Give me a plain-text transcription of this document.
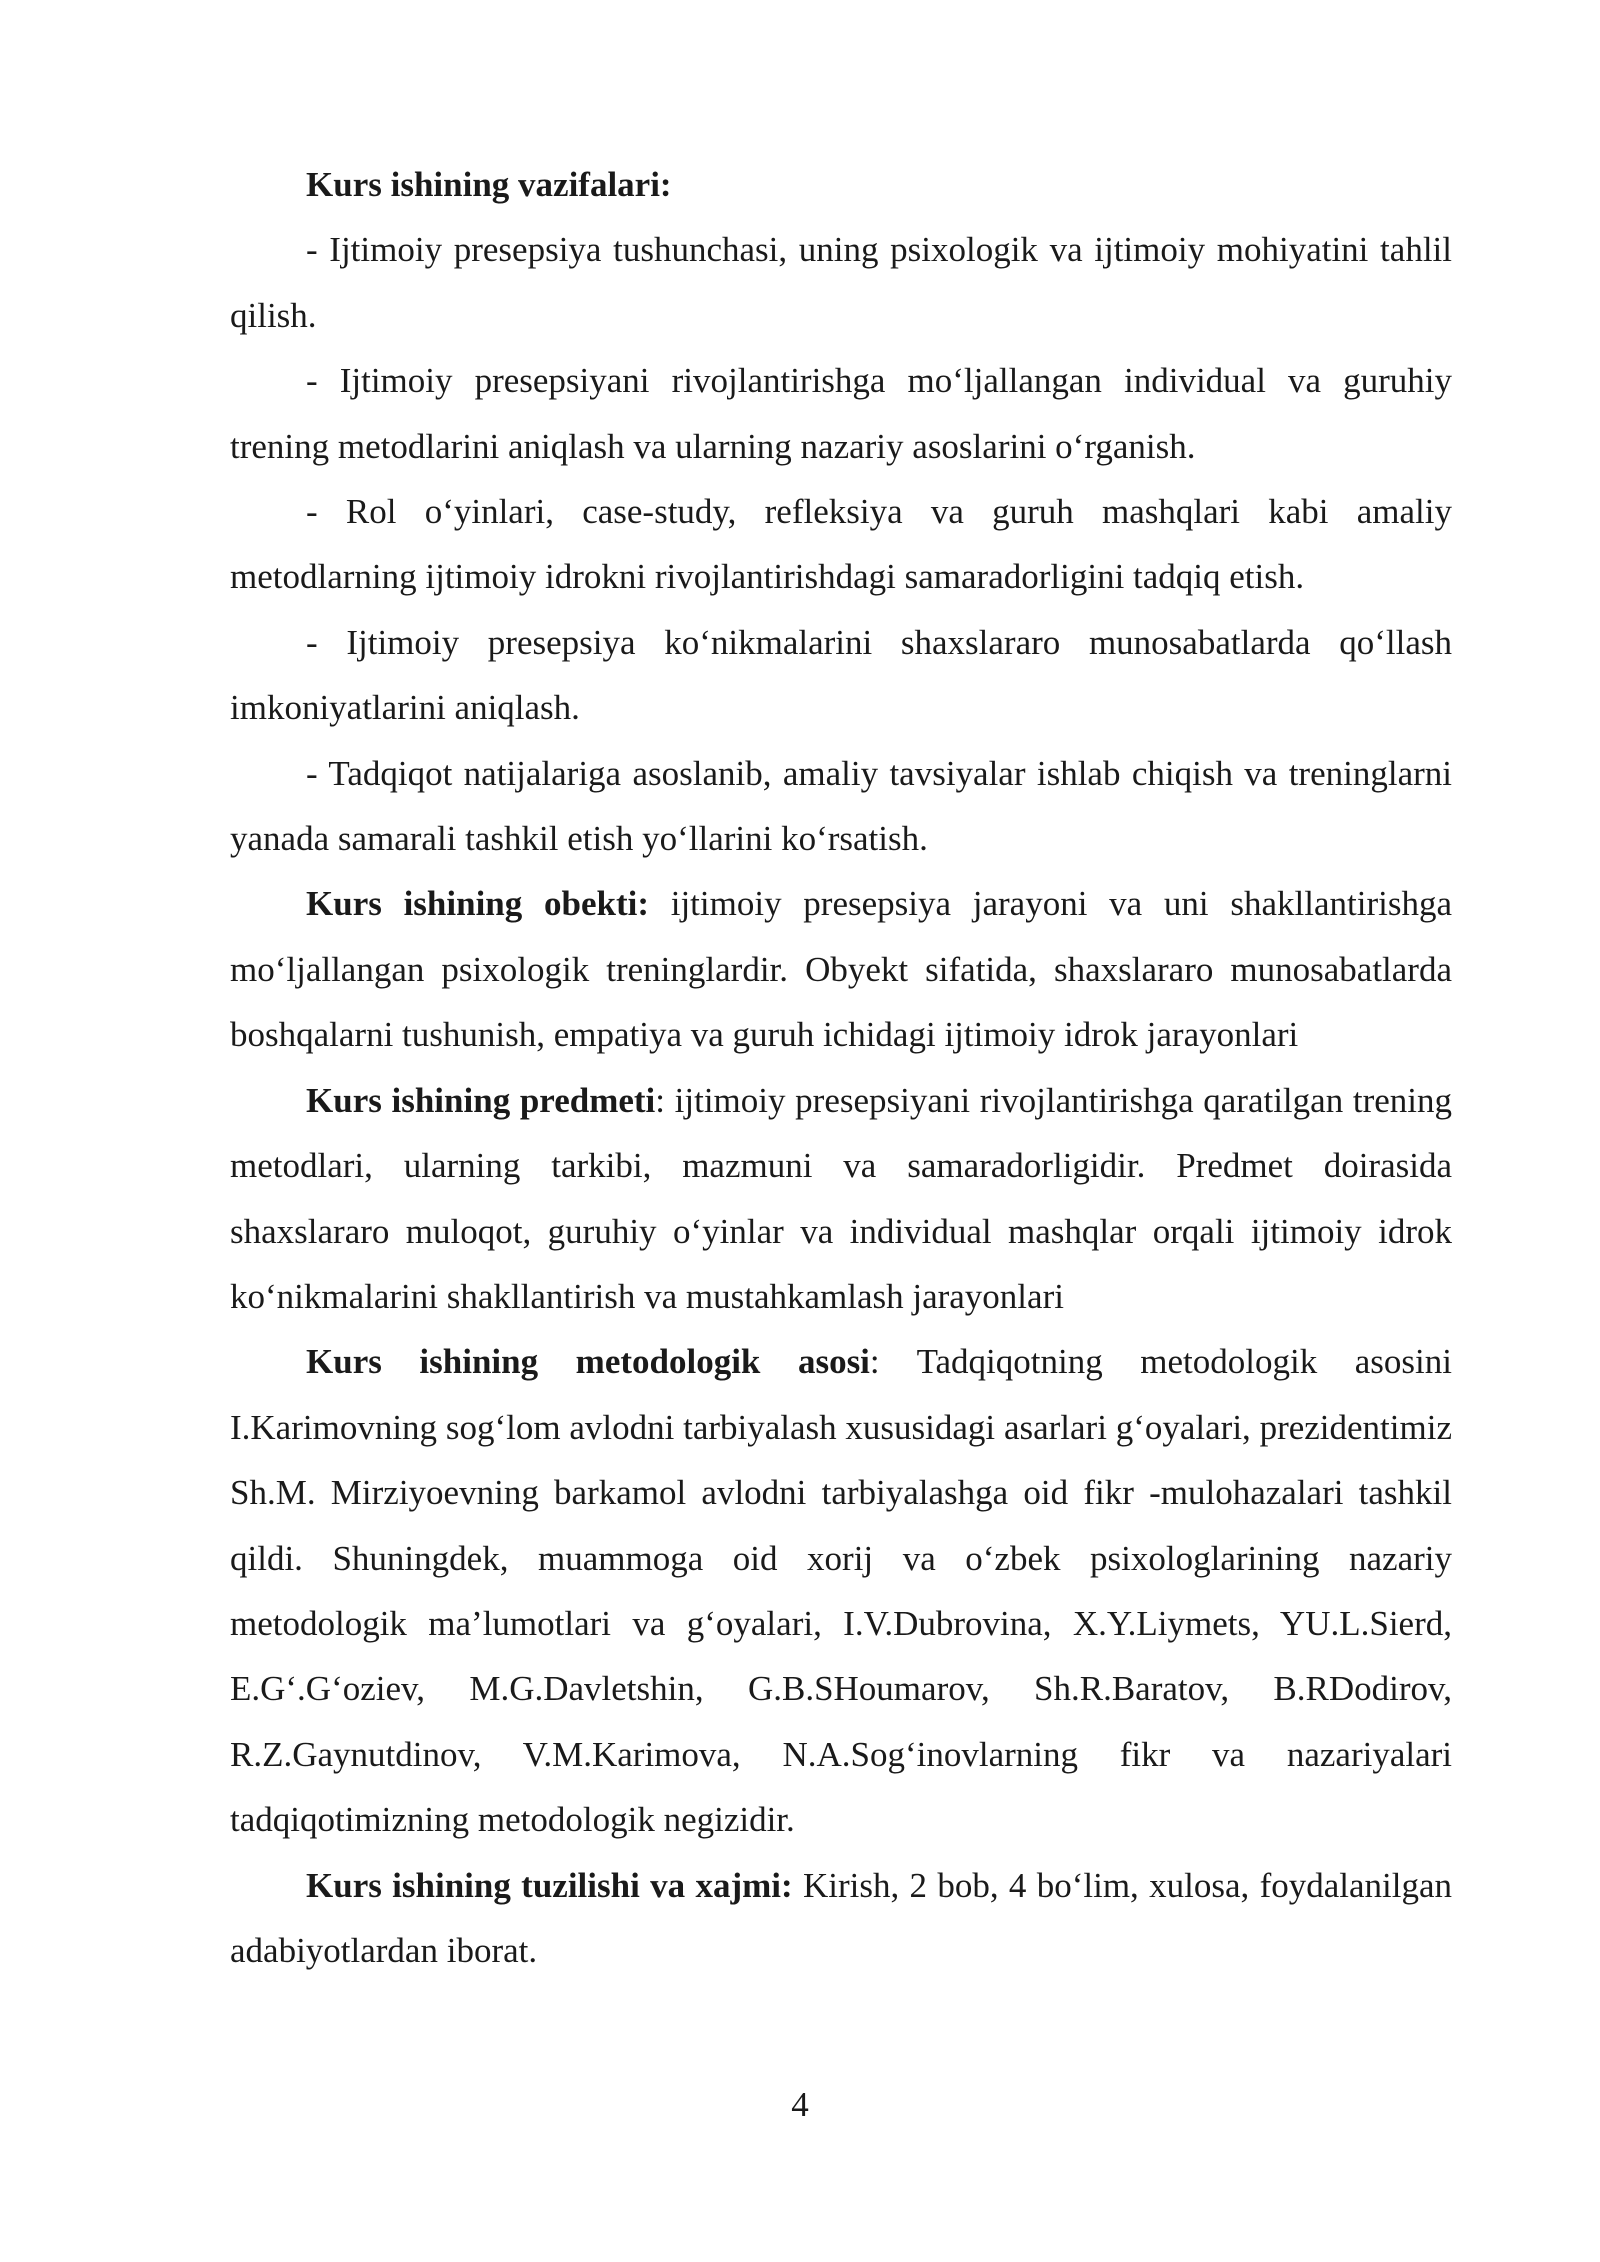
Kurs ishining vazifalari:

- Ijtimoiy presepsiya tushunchasi, uning psixologik va ijtimoiy mohiyatini tahlil qilish.

- Ijtimoiy presepsiyani rivojlantirishga mo‘ljallangan individual va guruhiy trening metodlarini aniqlash va ularning nazariy asoslarini o‘rganish.

- Rol o‘yinlari, case-study, refleksiya va guruh mashqlari kabi amaliy metodlarning ijtimoiy idrokni rivojlantirishdagi samaradorligini tadqiq etish.

- Ijtimoiy presepsiya ko‘nikmalarini shaxslararo munosabatlarda qo‘llash imkoniyatlarini aniqlash.

- Tadqiqot natijalariga asoslanib, amaliy tavsiyalar ishlab chiqish va treninglarni yanada samarali tashkil etish yo‘llarini ko‘rsatish.

Kurs ishining obekti: ijtimoiy presepsiya jarayoni va uni shakllantirishga mo‘ljallangan psixologik treninglardir. Obyekt sifatida, shaxslararo munosabatlarda boshqalarni tushunish, empatiya va guruh ichidagi ijtimoiy idrok jarayonlari

Kurs ishining predmeti: ijtimoiy presepsiyani rivojlantirishga qaratilgan trening metodlari, ularning tarkibi, mazmuni va samaradorligidir. Predmet doirasida shaxslararo muloqot, guruhiy o‘yinlar va individual mashqlar orqali ijtimoiy idrok ko‘nikmalarini shakllantirish va mustahkamlash jarayonlari

Kurs ishining metodologik asosi: Tadqiqotning metodologik asosini I.Karimovning sog‘lom avlodni tarbiyalash xususidagi asarlari g‘oyalari, prezidentimiz Sh.M. Mirziyoevning barkamol avlodni tarbiyalashga oid fikr -mulohazalari tashkil qildi. Shuningdek, muammoga oid xorij va o‘zbek psixologlarining nazariy metodologik ma’lumotlari va g‘oyalari, I.V.Dubrovina, X.Y.Liymets, YU.L.Sierd, E.G‘.G‘oziev, M.G.Davletshin, G.B.SHoumarov, Sh.R.Baratov, B.RDodirov, R.Z.Gaynutdinov, V.M.Karimova, N.A.Sog‘inovlarning fikr va nazariyalari tadqiqotimizning metodologik negizidir.

Kurs ishining tuzilishi va xajmi: Kirish, 2 bob, 4 bo‘lim, xulosa, foydalanilgan adabiyotlardan iborat.

4
